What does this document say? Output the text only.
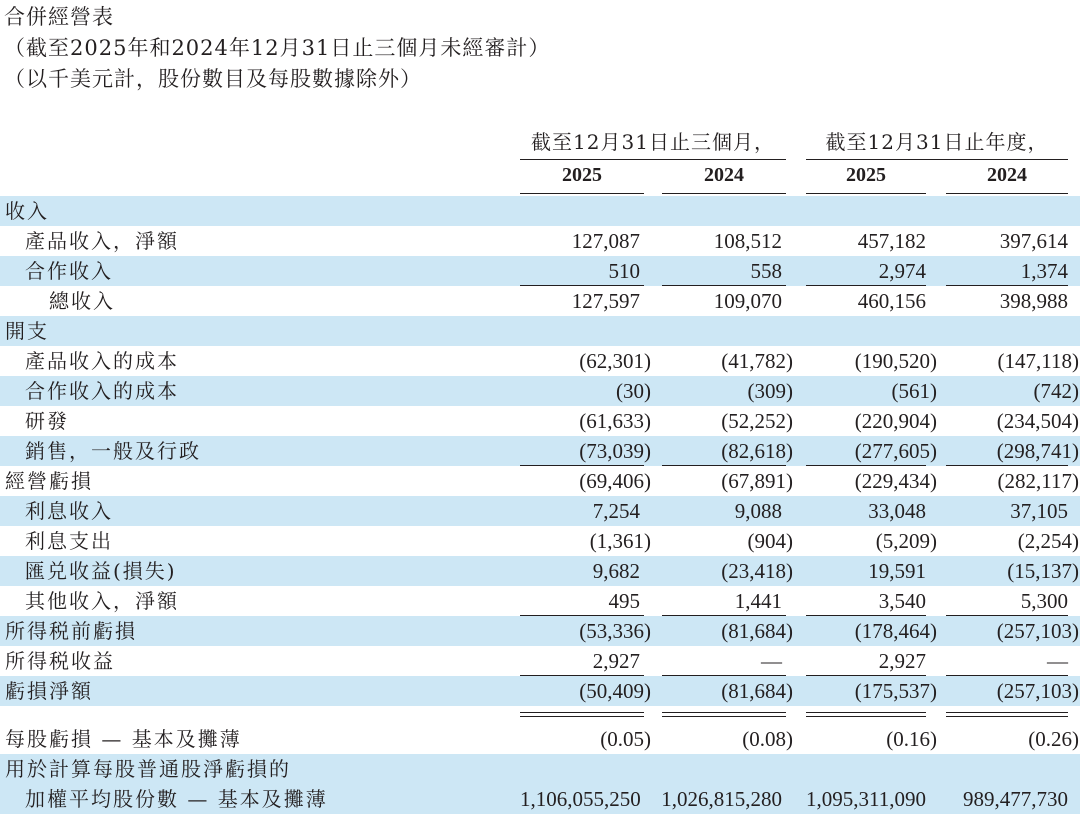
合併經營表
（截至2025年和2024年12月31日止三個月未經審計）
（以千美元計，股份數目及每股數據除外）
截至12月31日止三個月，	截至12月31日止年度，
2025	2024	2025	2024
收入
產品收入，淨額	127,087	108,512	457,182	397,614
合作收入	510	558	2,974	1,374
總收入	127,597	109,070	460,156	398,988
開支
產品收入的成本	(62,301)	(41,782)	(190,520)	(147,118)
合作收入的成本	(30)	(309)	(561)	(742)
研發	(61,633)	(52,252)	(220,904)	(234,504)
銷售，一般及行政	(73,039)	(82,618)	(277,605)	(298,741)
經營虧損	(69,406)	(67,891)	(229,434)	(282,117)
利息收入	7,254	9,088	33,048	37,105
利息支出	(1,361)	(904)	(5,209)	(2,254)
匯兑收益(損失)	9,682	(23,418)	19,591	(15,137)
其他收入，淨額	495	1,441	3,540	5,300
所得税前虧損	(53,336)	(81,684)	(178,464)	(257,103)
所得税收益	2,927	—	2,927	—
虧損淨額	(50,409)	(81,684)	(175,537)	(257,103)
每股虧損 — 基本及攤薄	(0.05)	(0.08)	(0.16)	(0.26)
用於計算每股普通股淨虧損的
加權平均股份數 — 基本及攤薄	1,106,055,250 1,026,815,280 1,095,311,090	989,477,730
